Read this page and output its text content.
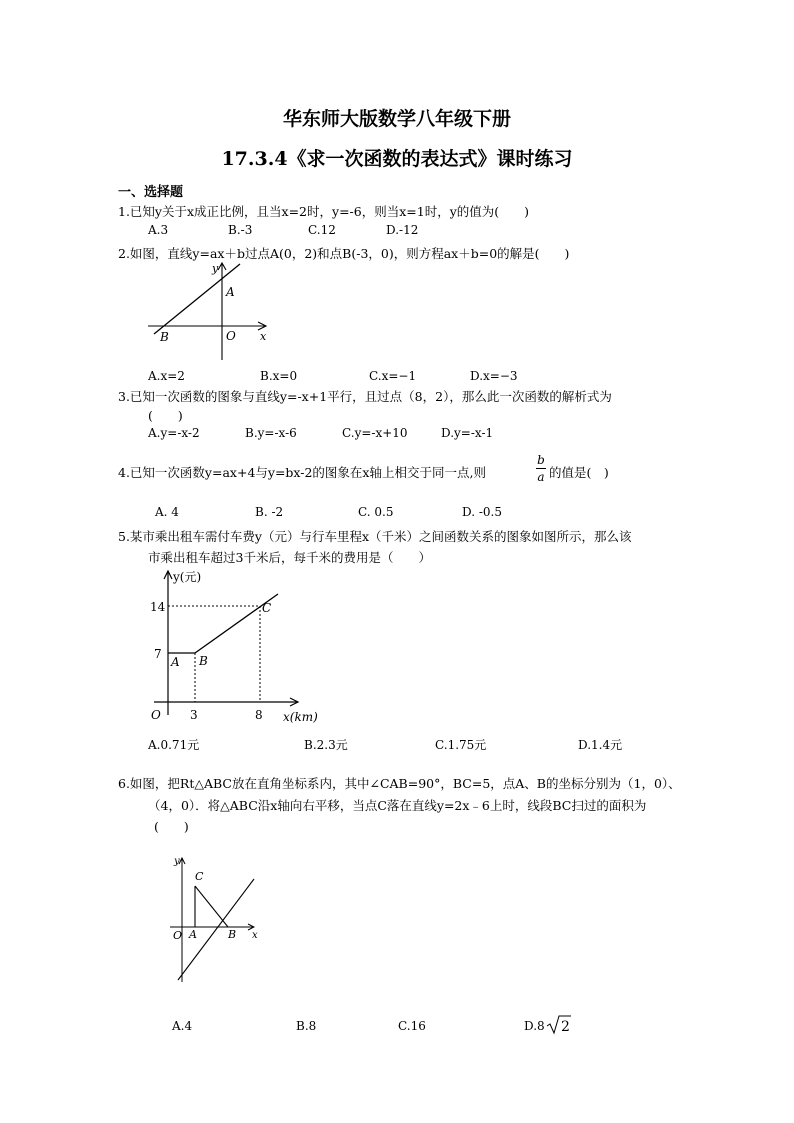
华东师大版数学八年级下册
17.3.4《求一次函数的表达式》课时练习
一、选择题
1.已知y关于x成正比例，且当x=2时，y=-6，则当x=1时，y的值为(　　)
A.3	B.-3	C.12	D.-12
2.如图，直线y=ax＋b过点A(0，2)和点B(-3，0)，则方程ax＋b=0的解是(　　)
y
x
A
B	O
A.x=2	B.x=0	C.x=−1	D.x=−3
3.已知一次函数的图象与直线y=-x+1平行，且过点（8，2），那么此一次函数的解析式为
(　　)
A.y=-x-2	B.y=-x-6	C.y=-x+10	D.y=-x-1
4.已知一次函数y=ax+4与y=bx-2的图象在x轴上相交于同一点,则
b
a 的值是(　)
A. 4	B. -2	C. 0.5	D. -0.5
5.某市乘出租车需付车费y（元）与行车里程x（千米）之间函数关系的图象如图所示，那么该
市乘出租车超过3千米后，每千米的费用是（　　）
y(元)
x(km)
14
7
3	8
O
A B
C
A.0.71元	B.2.3元	C.1.75元	D.1.4元
6.如图，把Rt△ABC放在直角坐标系内，其中∠CAB=90°，BC=5，点A、B的坐标分别为（1，0）、
（4，0）．将△ABC沿x轴向右平移，当点C落在直线y=2x﹣6上时，线段BC扫过的面积为
(　　)
y
x
O A	B
C
A.4	B.8	C.16	D.8 2
